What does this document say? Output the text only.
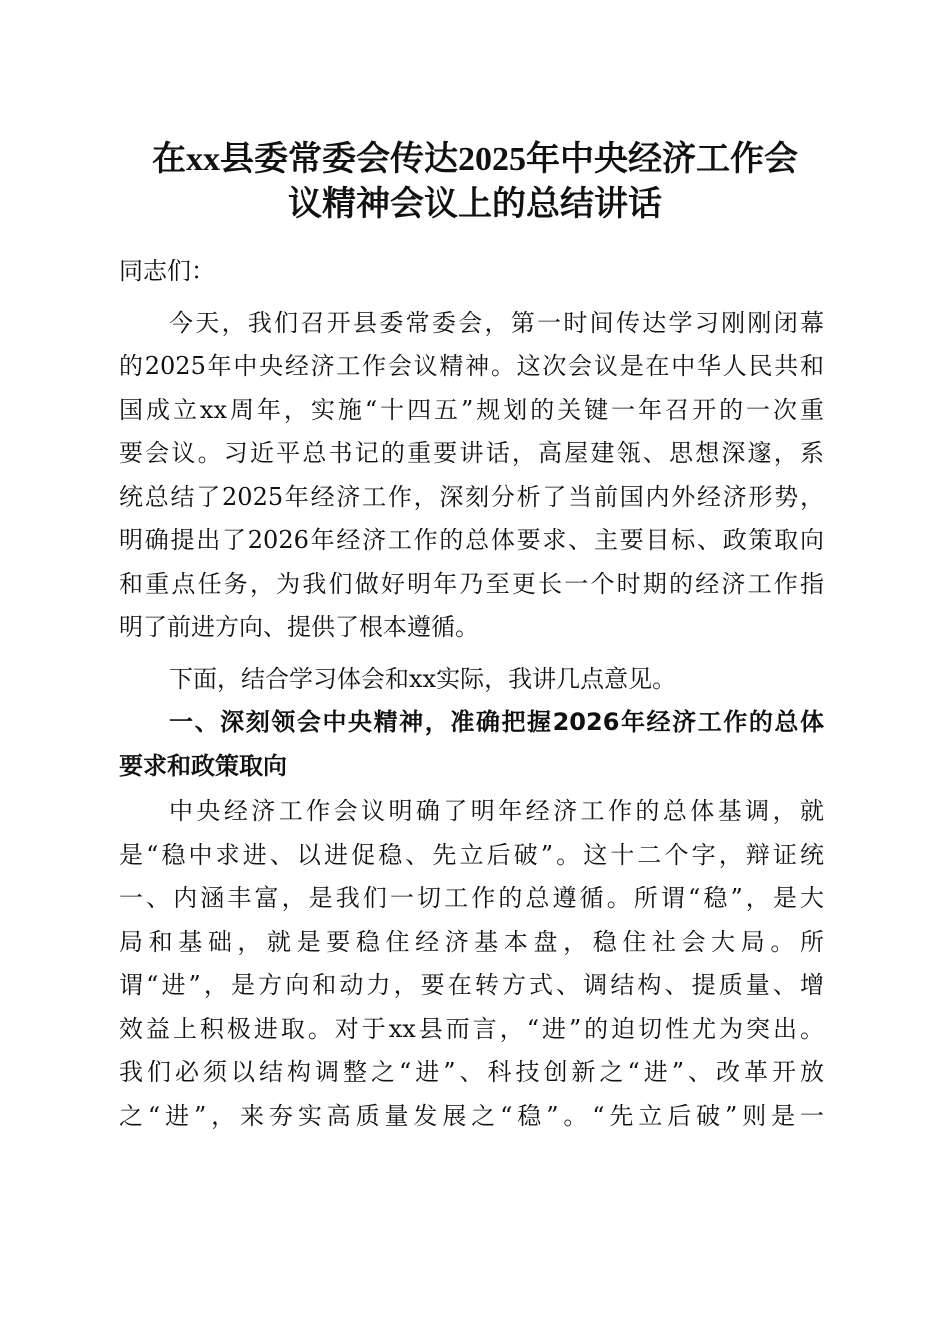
在xx县委常委会传达2025年中央经济工作会
议精神会议上的总结讲话
同志们：
今天，我们召开县委常委会，第一时间传达学习刚刚闭幕
的2025年中央经济工作会议精神。这次会议是在中华人民共和
国成立xx周年，实施“十四五”规划的关键一年召开的一次重
要会议。习近平总书记的重要讲话，高屋建瓴、思想深邃，系
统总结了2025年经济工作，深刻分析了当前国内外经济形势，
明确提出了2026年经济工作的总体要求、主要目标、政策取向
和重点任务，为我们做好明年乃至更长一个时期的经济工作指
明了前进方向、提供了根本遵循。
下面，结合学习体会和xx实际，我讲几点意见。
一、深刻领会中央精神，准确把握2026年经济工作的总体
要求和政策取向
中央经济工作会议明确了明年经济工作的总体基调，就
是“稳中求进、以进促稳、先立后破”。这十二个字，辩证统
一、内涵丰富，是我们一切工作的总遵循。所谓“稳”，是大
局和基础，就是要稳住经济基本盘，稳住社会大局。所
谓“进”，是方向和动力，要在转方式、调结构、提质量、增
效益上积极进取。对于xx县而言，“进”的迫切性尤为突出。
我们必须以结构调整之“进”、科技创新之“进”、改革开放
之“进”，来夯实高质量发展之“稳”。“先立后破”则是一
